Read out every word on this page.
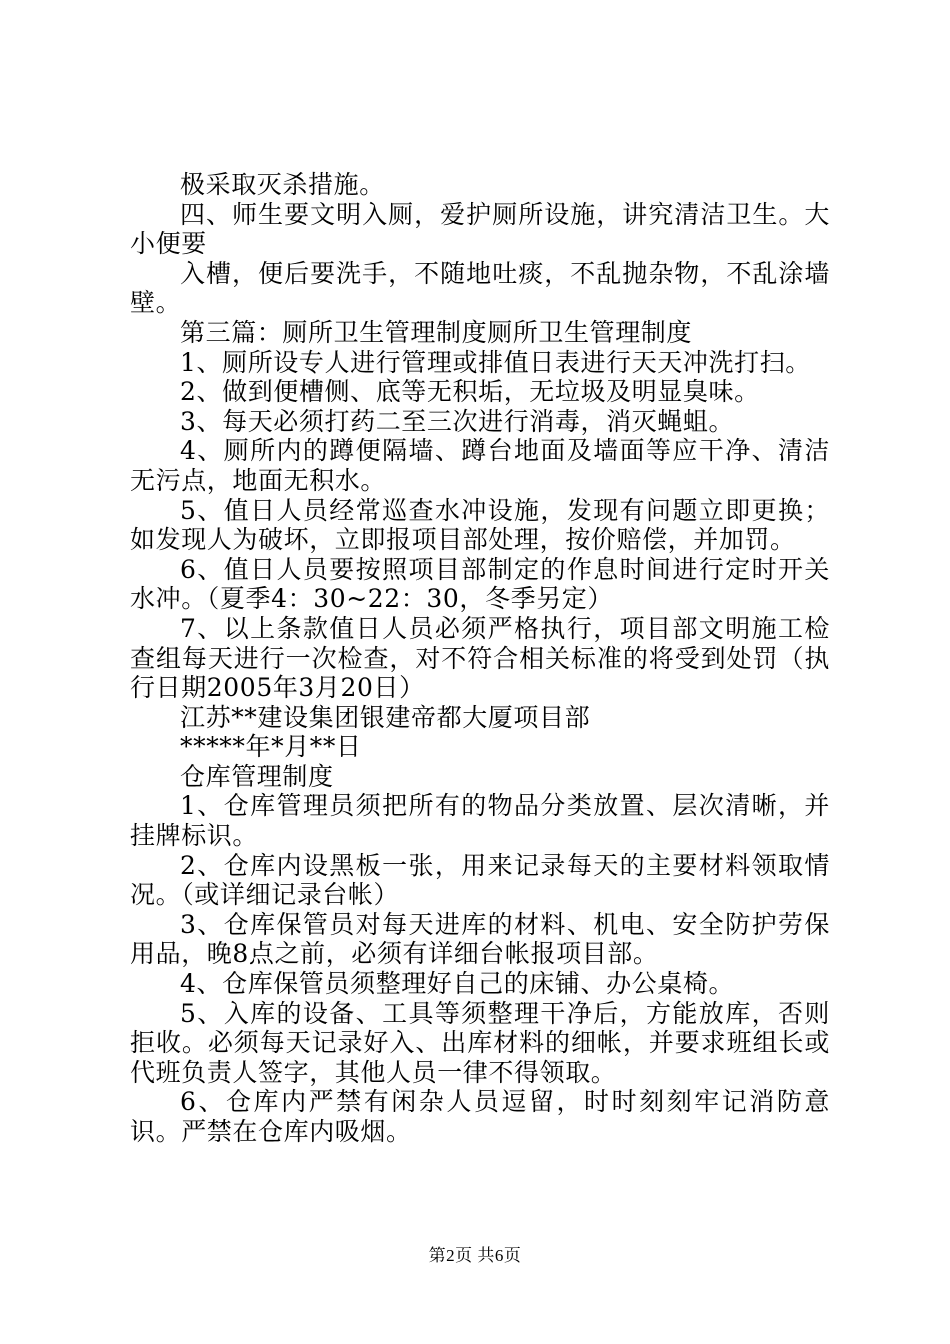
极采取灭杀措施。

四、师生要文明入厕，爱护厕所设施，讲究清洁卫生。大小便要

入槽，便后要洗手，不随地吐痰，不乱抛杂物，不乱涂墙壁。

第三篇：厕所卫生管理制度厕所卫生管理制度

1、厕所设专人进行管理或排值日表进行天天冲洗打扫。

2、做到便槽侧、底等无积垢，无垃圾及明显臭味。

3、每天必须打药二至三次进行消毒，消灭蝇蛆。

4、厕所内的蹲便隔墙、蹲台地面及墙面等应干净、清洁无污点，地面无积水。

5、值日人员经常巡查水冲设施，发现有问题立即更换；如发现人为破坏，立即报项目部处理，按价赔偿，并加罚。

6、值日人员要按照项目部制定的作息时间进行定时开关水冲。（夏季4：30~22：30，冬季另定）

7、以上条款值日人员必须严格执行，项目部文明施工检查组每天进行一次检查，对不符合相关标准的将受到处罚（执行日期2005年3月20日）

江苏**建设集团银建帝都大厦项目部

*****年*月**日

仓库管理制度

1、仓库管理员须把所有的物品分类放置、层次清晰，并挂牌标识。

2、仓库内设黑板一张，用来记录每天的主要材料领取情况。（或详细记录台帐）

3、仓库保管员对每天进库的材料、机电、安全防护劳保用品，晚8点之前，必须有详细台帐报项目部。

4、仓库保管员须整理好自己的床铺、办公桌椅。

5、入库的设备、工具等须整理干净后，方能放库，否则拒收。必须每天记录好入、出库材料的细帐，并要求班组长或代班负责人签字，其他人员一律不得领取。

6、仓库内严禁有闲杂人员逗留，时时刻刻牢记消防意识。严禁在仓库内吸烟。

第2页 共6页
